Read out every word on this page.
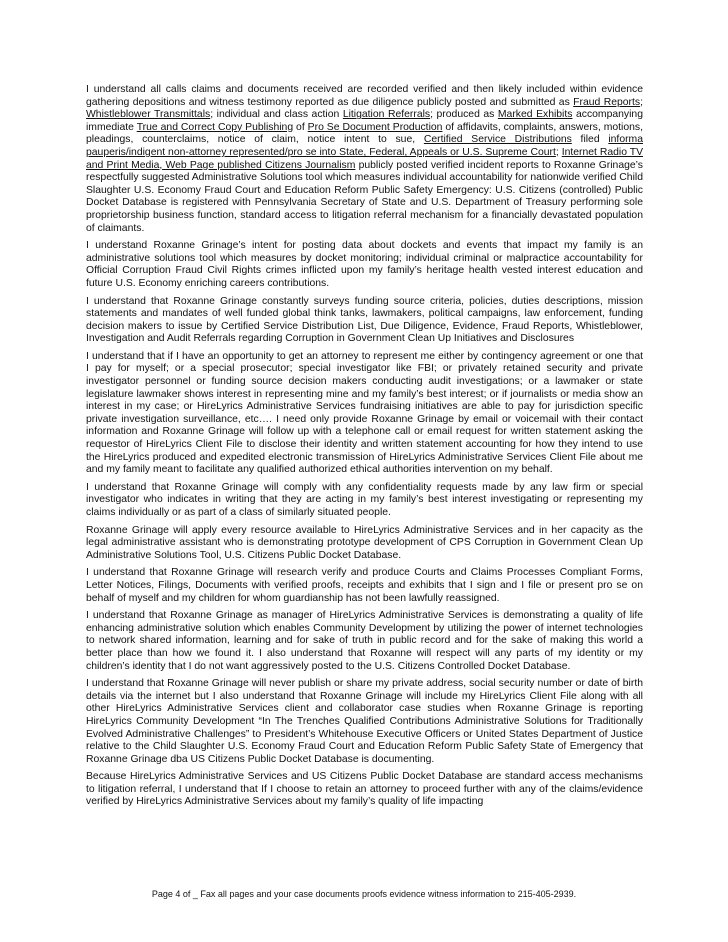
I understand all calls claims and documents received are recorded verified and then likely included within evidence gathering depositions and witness testimony reported as due diligence publicly posted and submitted as Fraud Reports; Whistleblower Transmittals; individual and class action Litigation Referrals; produced as Marked Exhibits accompanying immediate True and Correct Copy Publishing of Pro Se Document Production of affidavits, complaints, answers, motions, pleadings, counterclaims, notice of claim, notice intent to sue, Certified Service Distributions filed informa pauperis/indigent non-attorney represented/pro se into State, Federal, Appeals or U.S. Supreme Court; Internet Radio TV and Print Media, Web Page published Citizens Journalism publicly posted verified incident reports to Roxanne Grinage’s respectfully suggested Administrative Solutions tool which measures individual accountability for nationwide verified Child Slaughter U.S. Economy Fraud Court and Education Reform Public Safety Emergency: U.S. Citizens (controlled) Public Docket Database is registered with Pennsylvania Secretary of State and U.S. Department of Treasury performing sole proprietorship business function, standard access to litigation referral mechanism for a financially devastated population of claimants.

I understand Roxanne Grinage’s intent for posting data about dockets and events that impact my family is an administrative solutions tool which measures by docket monitoring; individual criminal or malpractice accountability for Official Corruption Fraud Civil Rights crimes inflicted upon my family’s heritage health vested interest education and future U.S. Economy enriching careers contributions.

I understand that Roxanne Grinage constantly surveys funding source criteria, policies, duties descriptions, mission statements and mandates of well funded global think tanks, lawmakers, political campaigns, law enforcement, funding decision makers to issue by Certified Service Distribution List, Due Diligence, Evidence, Fraud Reports, Whistleblower, Investigation and Audit Referrals regarding Corruption in Government Clean Up Initiatives and Disclosures

I understand that if I have an opportunity to get an attorney to represent me either by contingency agreement or one that I pay for myself; or a special prosecutor; special investigator like FBI; or privately retained security and private investigator personnel or funding source decision makers conducting audit investigations; or a lawmaker or state legislature lawmaker shows interest in representing mine and my family’s best interest; or if journalists or media show an interest in my case; or HireLyrics Administrative Services fundraising initiatives are able to pay for jurisdiction specific private investigation surveillance, etc…. I need only provide Roxanne Grinage by email or voicemail with their contact information and Roxanne Grinage will follow up with a telephone call or email request for written statement asking the requestor of HireLyrics Client File to disclose their identity and written statement accounting for how they intend to use the HireLyrics produced and expedited electronic transmission of HireLyrics Administrative Services Client File about me and my family meant to facilitate any qualified authorized ethical authorities intervention on my behalf.

I understand that Roxanne Grinage will comply with any confidentiality requests made by any law firm or special investigator who indicates in writing that they are acting in my family’s best interest investigating or representing my claims individually or as part of a class of similarly situated people.

Roxanne Grinage will apply every resource available to HireLyrics Administrative Services and in her capacity as the legal administrative assistant who is demonstrating prototype development of CPS Corruption in Government Clean Up Administrative Solutions Tool, U.S. Citizens Public Docket Database.

I understand that Roxanne Grinage will research verify and produce Courts and Claims Processes Compliant Forms, Letter Notices, Filings, Documents with verified proofs, receipts and exhibits that I sign and I file or present pro se on behalf of myself and my children for whom guardianship has not been lawfully reassigned.

I understand that Roxanne Grinage as manager of HireLyrics Administrative Services is demonstrating a quality of life enhancing administrative solution which enables Community Development by utilizing the power of internet technologies to network shared information, learning and for sake of truth in public record and for the sake of making this world a better place than how we found it. I also understand that Roxanne will respect will any parts of my identity or my children’s identity that I do not want aggressively posted to the U.S. Citizens Controlled Docket Database.

I understand that Roxanne Grinage will never publish or share my private address, social security number or date of birth details via the internet but I also understand that Roxanne Grinage will include my HireLyrics Client File along with all other HireLyrics Administrative Services client and collaborator case studies when Roxanne Grinage is reporting HireLyrics Community Development “In The Trenches Qualified Contributions Administrative Solutions for Traditionally Evolved Administrative Challenges” to President’s Whitehouse Executive Officers or United States Department of Justice relative to the Child Slaughter U.S. Economy Fraud Court and Education Reform Public Safety State of Emergency that Roxanne Grinage dba US Citizens Public Docket Database is documenting.

Because HireLyrics Administrative Services and US Citizens Public Docket Database are standard access mechanisms to litigation referral, I understand that If I choose to retain an attorney to proceed further with any of the claims/evidence verified by HireLyrics Administrative Services about my family’s quality of life impacting

Page 4 of _ Fax all pages and your case documents proofs evidence witness information to 215-405-2939.
